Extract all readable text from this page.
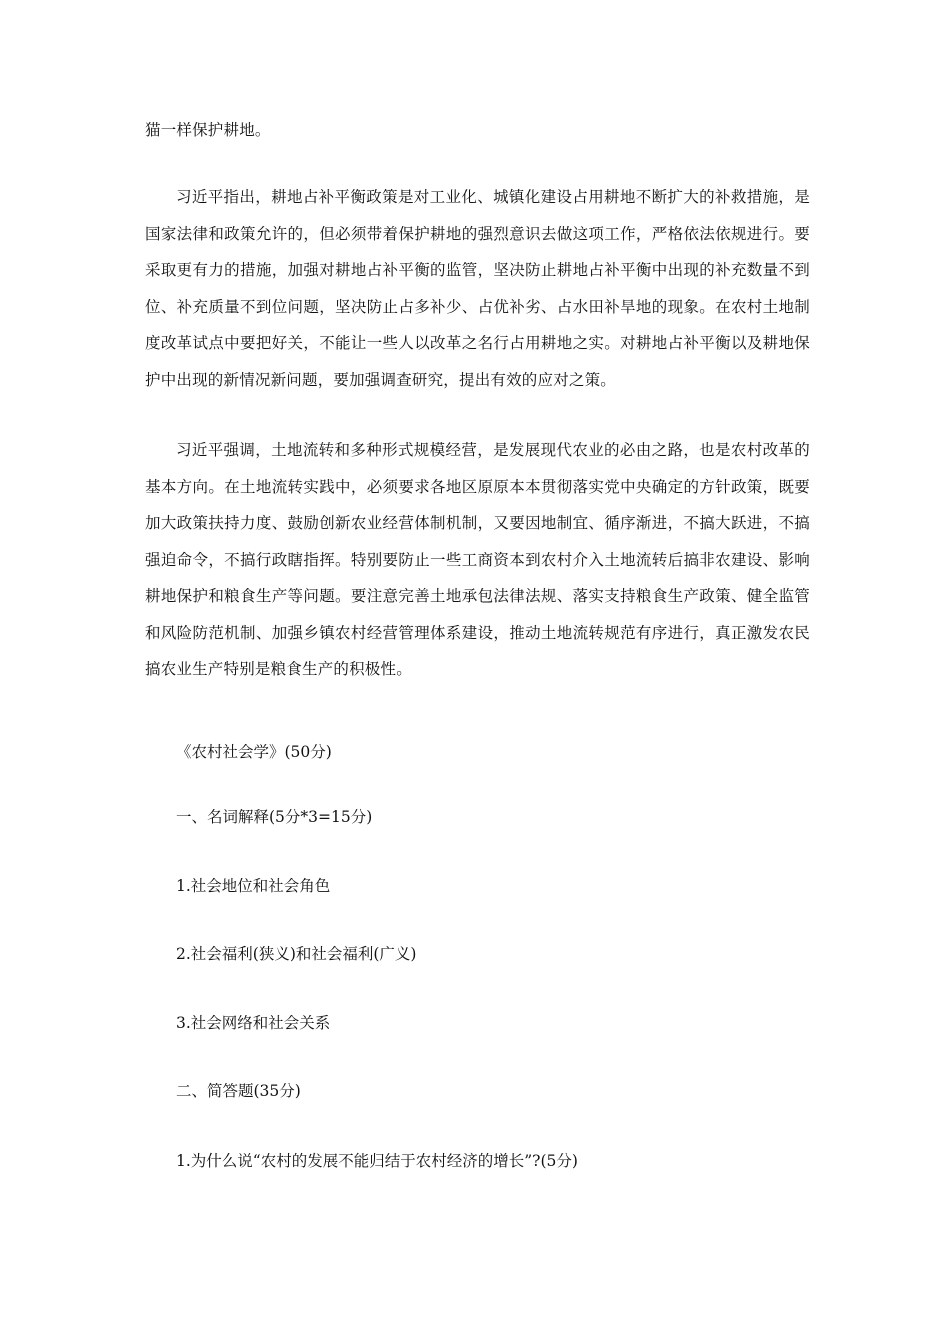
猫一样保护耕地。

习近平指出，耕地占补平衡政策是对工业化、城镇化建设占用耕地不断扩大的补救措施，是国家法律和政策允许的，但必须带着保护耕地的强烈意识去做这项工作，严格依法依规进行。要采取更有力的措施，加强对耕地占补平衡的监管，坚决防止耕地占补平衡中出现的补充数量不到位、补充质量不到位问题，坚决防止占多补少、占优补劣、占水田补旱地的现象。在农村土地制度改革试点中要把好关，不能让一些人以改革之名行占用耕地之实。对耕地占补平衡以及耕地保护中出现的新情况新问题，要加强调查研究，提出有效的应对之策。

习近平强调，土地流转和多种形式规模经营，是发展现代农业的必由之路，也是农村改革的基本方向。在土地流转实践中，必须要求各地区原原本本贯彻落实党中央确定的方针政策，既要加大政策扶持力度、鼓励创新农业经营体制机制，又要因地制宜、循序渐进，不搞大跃进，不搞强迫命令，不搞行政瞎指挥。特别要防止一些工商资本到农村介入土地流转后搞非农建设、影响耕地保护和粮食生产等问题。要注意完善土地承包法律法规、落实支持粮食生产政策、健全监管和风险防范机制、加强乡镇农村经营管理体系建设，推动土地流转规范有序进行，真正激发农民搞农业生产特别是粮食生产的积极性。

《农村社会学》(50分)

一、名词解释(5分*3=15分)

1.社会地位和社会角色

2.社会福利(狭义)和社会福利(广义)

3.社会网络和社会关系

二、简答题(35分)

1.为什么说“农村的发展不能归结于农村经济的增长”?(5分)
